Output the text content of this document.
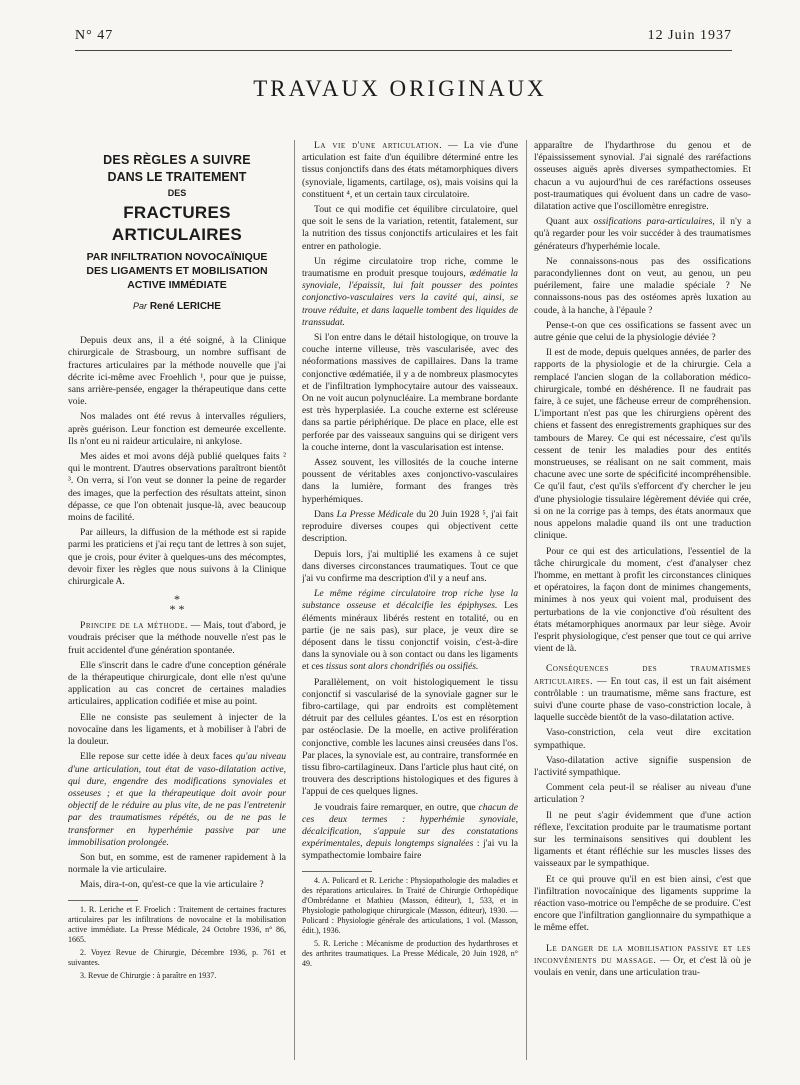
N° 47	12 Juin 1937
TRAVAUX ORIGINAUX
DES RÈGLES A SUIVRE
DANS LE TRAITEMENT
DES
FRACTURES ARTICULAIRES
PAR INFILTRATION NOVOCAÏNIQUE
DES LIGAMENTS ET MOBILISATION
ACTIVE IMMÉDIATE
Par René LERICHE

Depuis deux ans, il a été soigné, à la Clinique chirurgicale de Strasbourg, un nombre suffisant de fractures articulaires par la méthode nouvelle que j'ai décrite ici-même avec Froehlich ¹, pour que je puisse, sans arrière-pensée, engager la thérapeutique dans cette voie.

Nos malades ont été revus à intervalles réguliers, après guérison. Leur fonction est demeurée excellente. Ils n'ont eu ni raideur articulaire, ni ankylose.

Mes aides et moi avons déjà publié quelques faits ² qui le montrent. D'autres observations paraîtront bientôt ³. On verra, si l'on veut se donner la peine de regarder des images, que la perfection des résultats atteint, sinon dépasse, ce que l'on obtenait jusque-là, avec beaucoup moins de facilité.

Par ailleurs, la diffusion de la méthode est si rapide parmi les praticiens et j'ai reçu tant de lettres à son sujet, que je crois, pour éviter à quelques-uns des mécomptes, devoir fixer les règles que nous suivons à la Clinique chirurgicale A.

*
* *

Principe de la méthode. — Mais, tout d'abord, je voudrais préciser que la méthode nouvelle n'est pas le fruit accidentel d'une génération spontanée.

Elle s'inscrit dans le cadre d'une conception générale de la thérapeutique chirurgicale, dont elle n'est qu'une application au cas concret de certaines maladies articulaires, application codifiée et mise au point.

Elle ne consiste pas seulement à injecter de la novocaïne dans les ligaments, et à mobiliser à l'abri de la douleur.

Elle repose sur cette idée à deux faces qu'au niveau d'une articulation, tout état de vaso-dilatation active, qui dure, engendre des modifications synoviales et osseuses ; et que la thérapeutique doit avoir pour objectif de le réduire au plus vite, de ne pas l'entretenir par des traumatismes répétés, ou de ne pas le transformer en hyperhémie passive par une immobilisation prolongée.

Son but, en somme, est de ramener rapidement à la normale la vie articulaire.

Mais, dira-t-on, qu'est-ce que la vie articulaire ?

1. R. Leriche et F. Froelich : Traitement de certaines fractures articulaires par les infiltrations de novocaïne et la mobilisation active immédiate. La Presse Médicale, 24 Octobre 1936, n° 86, 1665.

2. Voyez Revue de Chirurgie, Décembre 1936, p. 761 et suivantes.

3. Revue de Chirurgie : à paraître en 1937.

La vie d'une articulation. — La vie d'une articulation est faite d'un équilibre déterminé entre les tissus conjonctifs dans des états métamorphiques divers (synoviale, ligaments, cartilage, os), mais voisins qui la constituent ⁴, et un certain taux circulatoire.

Tout ce qui modifie cet équilibre circulatoire, quel que soit le sens de la variation, retentit, fatalement, sur la nutrition des tissus conjonctifs articulaires et les fait entrer en pathologie.

Un régime circulatoire trop riche, comme le traumatisme en produit presque toujours, œdématie la synoviale, l'épaissit, lui fait pousser des pointes conjonctivo-vasculaires vers la cavité qui, ainsi, se trouve réduite, et dans laquelle tombent des liquides de transsudat.

Si l'on entre dans le détail histologique, on trouve la couche interne villeuse, très vascularisée, avec des néoformations massives de capillaires. Dans la trame conjonctive œdématiée, il y a de nombreux plasmocytes et de l'infiltration lymphocytaire autour des vaisseaux. On ne voit aucun polynucléaire. La membrane bordante est très hyperplasiée. La couche externe est scléreuse dans sa partie périphérique. De place en place, elle est perforée par des vaisseaux sanguins qui se dirigent vers la couche interne, dont la vascularisation est intense.

Assez souvent, les villosités de la couche interne poussent de véritables axes conjonctivo-vasculaires dans la lumière, formant des franges très hyperhémiques.

Dans La Presse Médicale du 20 Juin 1928 ⁵, j'ai fait reproduire diverses coupes qui objectivent cette description.

Depuis lors, j'ai multiplié les examens à ce sujet dans diverses circonstances traumatiques. Tout ce que j'ai vu confirme ma description d'il y a neuf ans.

Le même régime circulatoire trop riche lyse la substance osseuse et décalcifie les épiphyses. Les éléments minéraux libérés restent en totalité, ou en partie (je ne sais pas), sur place, je veux dire se déposent dans le tissu conjonctif voisin, c'est-à-dire dans la synoviale ou à son contact ou dans les ligaments et ces tissus sont alors chondrifiés ou ossifiés.

Parallèlement, on voit histologiquement le tissu conjonctif si vascularisé de la synoviale gagner sur le fibro-cartilage, qui par endroits est complètement détruit par des cellules géantes. L'os est en résorption par ostéoclasie. De la moelle, en active prolifération conjonctive, comble les lacunes ainsi creusées dans l'os. Par places, la synoviale est, au contraire, transformée en tissu fibro-cartilagineux. Dans l'article plus haut cité, on trouvera des descriptions histologiques et des figures à l'appui de ces quelques lignes.

Je voudrais faire remarquer, en outre, que chacun de ces deux termes : hyperhémie synoviale, décalcification, s'appuie sur des constatations expérimentales, depuis longtemps signalées : j'ai vu la sympathectomie lombaire faire

4. A. Policard et R. Leriche : Physiopathologie des maladies et des réparations articulaires. In Traité de Chirurgie Orthopédique d'Ombrédanne et Mathieu (Masson, éditeur), 1, 533, et in Physiologie pathologique chirurgicale (Masson, éditeur), 1930. — Policard : Physiologie générale des articulations, 1 vol. (Masson, édit.), 1936.

5. R. Leriche : Mécanisme de production des hydarthroses et des arthrites traumatiques. La Presse Médicale, 20 Juin 1928, n° 49.

apparaître de l'hydarthrose du genou et de l'épaississement synovial. J'ai signalé des raréfactions osseuses aiguës après diverses sympathectomies. Et chacun a vu aujourd'hui de ces raréfactions osseuses post-traumatiques qui évoluent dans un cadre de vaso-dilatation active que l'oscillomètre enregistre.

Quant aux ossifications para-articulaires, il n'y a qu'à regarder pour les voir succéder à des traumatismes générateurs d'hyperhémie locale.

Ne connaissons-nous pas des ossifications paracondyliennes dont on veut, au genou, un peu puérilement, faire une maladie spéciale ? Ne connaissons-nous pas des ostéomes après luxation au coude, à la hanche, à l'épaule ?

Pense-t-on que ces ossifications se fassent avec un autre génie que celui de la physiologie déviée ?

Il est de mode, depuis quelques années, de parler des rapports de la physiologie et de la chirurgie. Cela a remplacé l'ancien slogan de la collaboration médico-chirurgicale, tombé en déshérence. Il ne faudrait pas faire, à ce sujet, une fâcheuse erreur de compréhension. L'important n'est pas que les chirurgiens opèrent des chiens et fassent des enregistrements graphiques sur des tambours de Marey. Ce qui est nécessaire, c'est qu'ils cessent de tenir les maladies pour des entités monstrueuses, se réalisant on ne sait comment, mais chacune avec une sorte de spécificité incompréhensible. Ce qu'il faut, c'est qu'ils s'efforcent d'y chercher le jeu d'une physiologie tissulaire légèrement déviée qui crée, si on ne la corrige pas à temps, des états anormaux que nous appelons maladie quand ils ont une traduction clinique.

Pour ce qui est des articulations, l'essentiel de la tâche chirurgicale du moment, c'est d'analyser chez l'homme, en mettant à profit les circonstances cliniques et opératoires, la façon dont de minimes changements, minimes à nos yeux qui voient mal, produisent des perturbations de la vie conjonctive d'où résultent des états métamorphiques anormaux par leur siège. Avoir l'esprit physiologique, c'est penser que tout ce qui arrive vient de là.

Conséquences des traumatismes articulaires. — En tout cas, il est un fait aisément contrôlable : un traumatisme, même sans fracture, est suivi d'une courte phase de vaso-constriction locale, à laquelle succède bientôt de la vaso-dilatation active.

Vaso-constriction, cela veut dire excitation sympathique.

Vaso-dilatation active signifie suspension de l'activité sympathique.

Comment cela peut-il se réaliser au niveau d'une articulation ?

Il ne peut s'agir évidemment que d'une action réflexe, l'excitation produite par le traumatisme portant sur les terminaisons sensitives qui doublent les ligaments et étant réfléchie sur les muscles lisses des vaisseaux par le sympathique.

Et ce qui prouve qu'il en est bien ainsi, c'est que l'infiltration novocaïnique des ligaments supprime la réaction vaso-motrice ou l'empêche de se produire. C'est encore que l'infiltration ganglionnaire du sympathique a le même effet.

Le danger de la mobilisation passive et les inconvénients du massage. — Or, et c'est là où je voulais en venir, dans une articulation trau-
